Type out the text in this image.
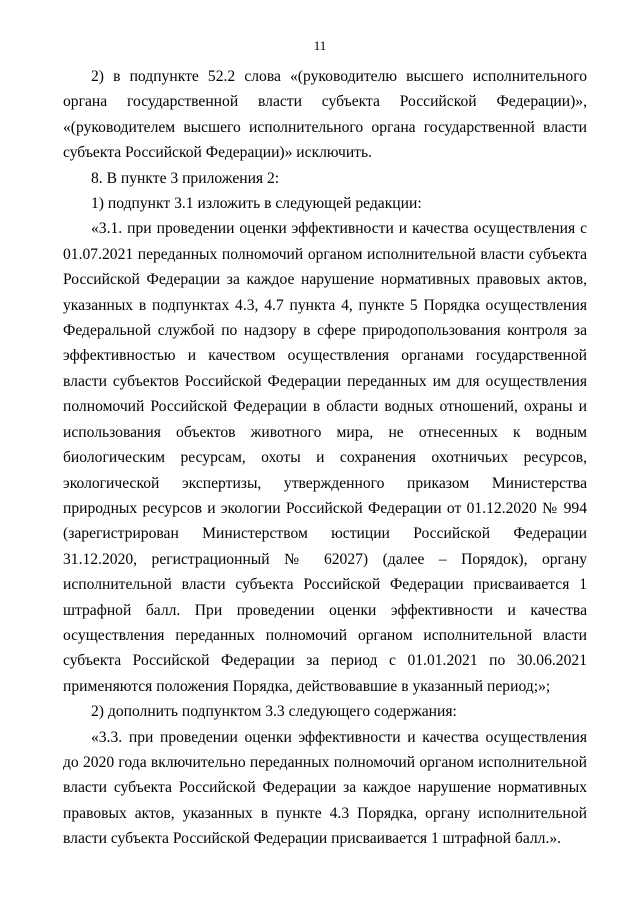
11

2) в подпункте 52.2 слова «(руководителю высшего исполнительного органа государственной власти субъекта Российской Федерации)», «(руководителем высшего исполнительного органа государственной власти субъекта Российской Федерации)» исключить.

8. В пункте 3 приложения 2:

1) подпункт 3.1 изложить в следующей редакции:

«3.1. при проведении оценки эффективности и качества осуществления с 01.07.2021 переданных полномочий органом исполнительной власти субъекта Российской Федерации за каждое нарушение нормативных правовых актов, указанных в подпунктах 4.3, 4.7 пункта 4, пункте 5 Порядка осуществления Федеральной службой по надзору в сфере природопользования контроля за эффективностью и качеством осуществления органами государственной власти субъектов Российской Федерации переданных им для осуществления полномочий Российской Федерации в области водных отношений, охраны и использования объектов животного мира, не отнесенных к водным биологическим ресурсам, охоты и сохранения охотничьих ресурсов, экологической экспертизы, утвержденного приказом Министерства природных ресурсов и экологии Российской Федерации от 01.12.2020 № 994 (зарегистрирован Министерством юстиции Российской Федерации 31.12.2020, регистрационный № 62027) (далее – Порядок), органу исполнительной власти субъекта Российской Федерации присваивается 1 штрафной балл. При проведении оценки эффективности и качества осуществления переданных полномочий органом исполнительной власти субъекта Российской Федерации за период с 01.01.2021 по 30.06.2021 применяются положения Порядка, действовавшие в указанный период;»;

2) дополнить подпунктом 3.3 следующего содержания:

«3.3. при проведении оценки эффективности и качества осуществления до 2020 года включительно переданных полномочий органом исполнительной власти субъекта Российской Федерации за каждое нарушение нормативных правовых актов, указанных в пункте 4.3 Порядка, органу исполнительной власти субъекта Российской Федерации присваивается 1 штрафной балл.».
